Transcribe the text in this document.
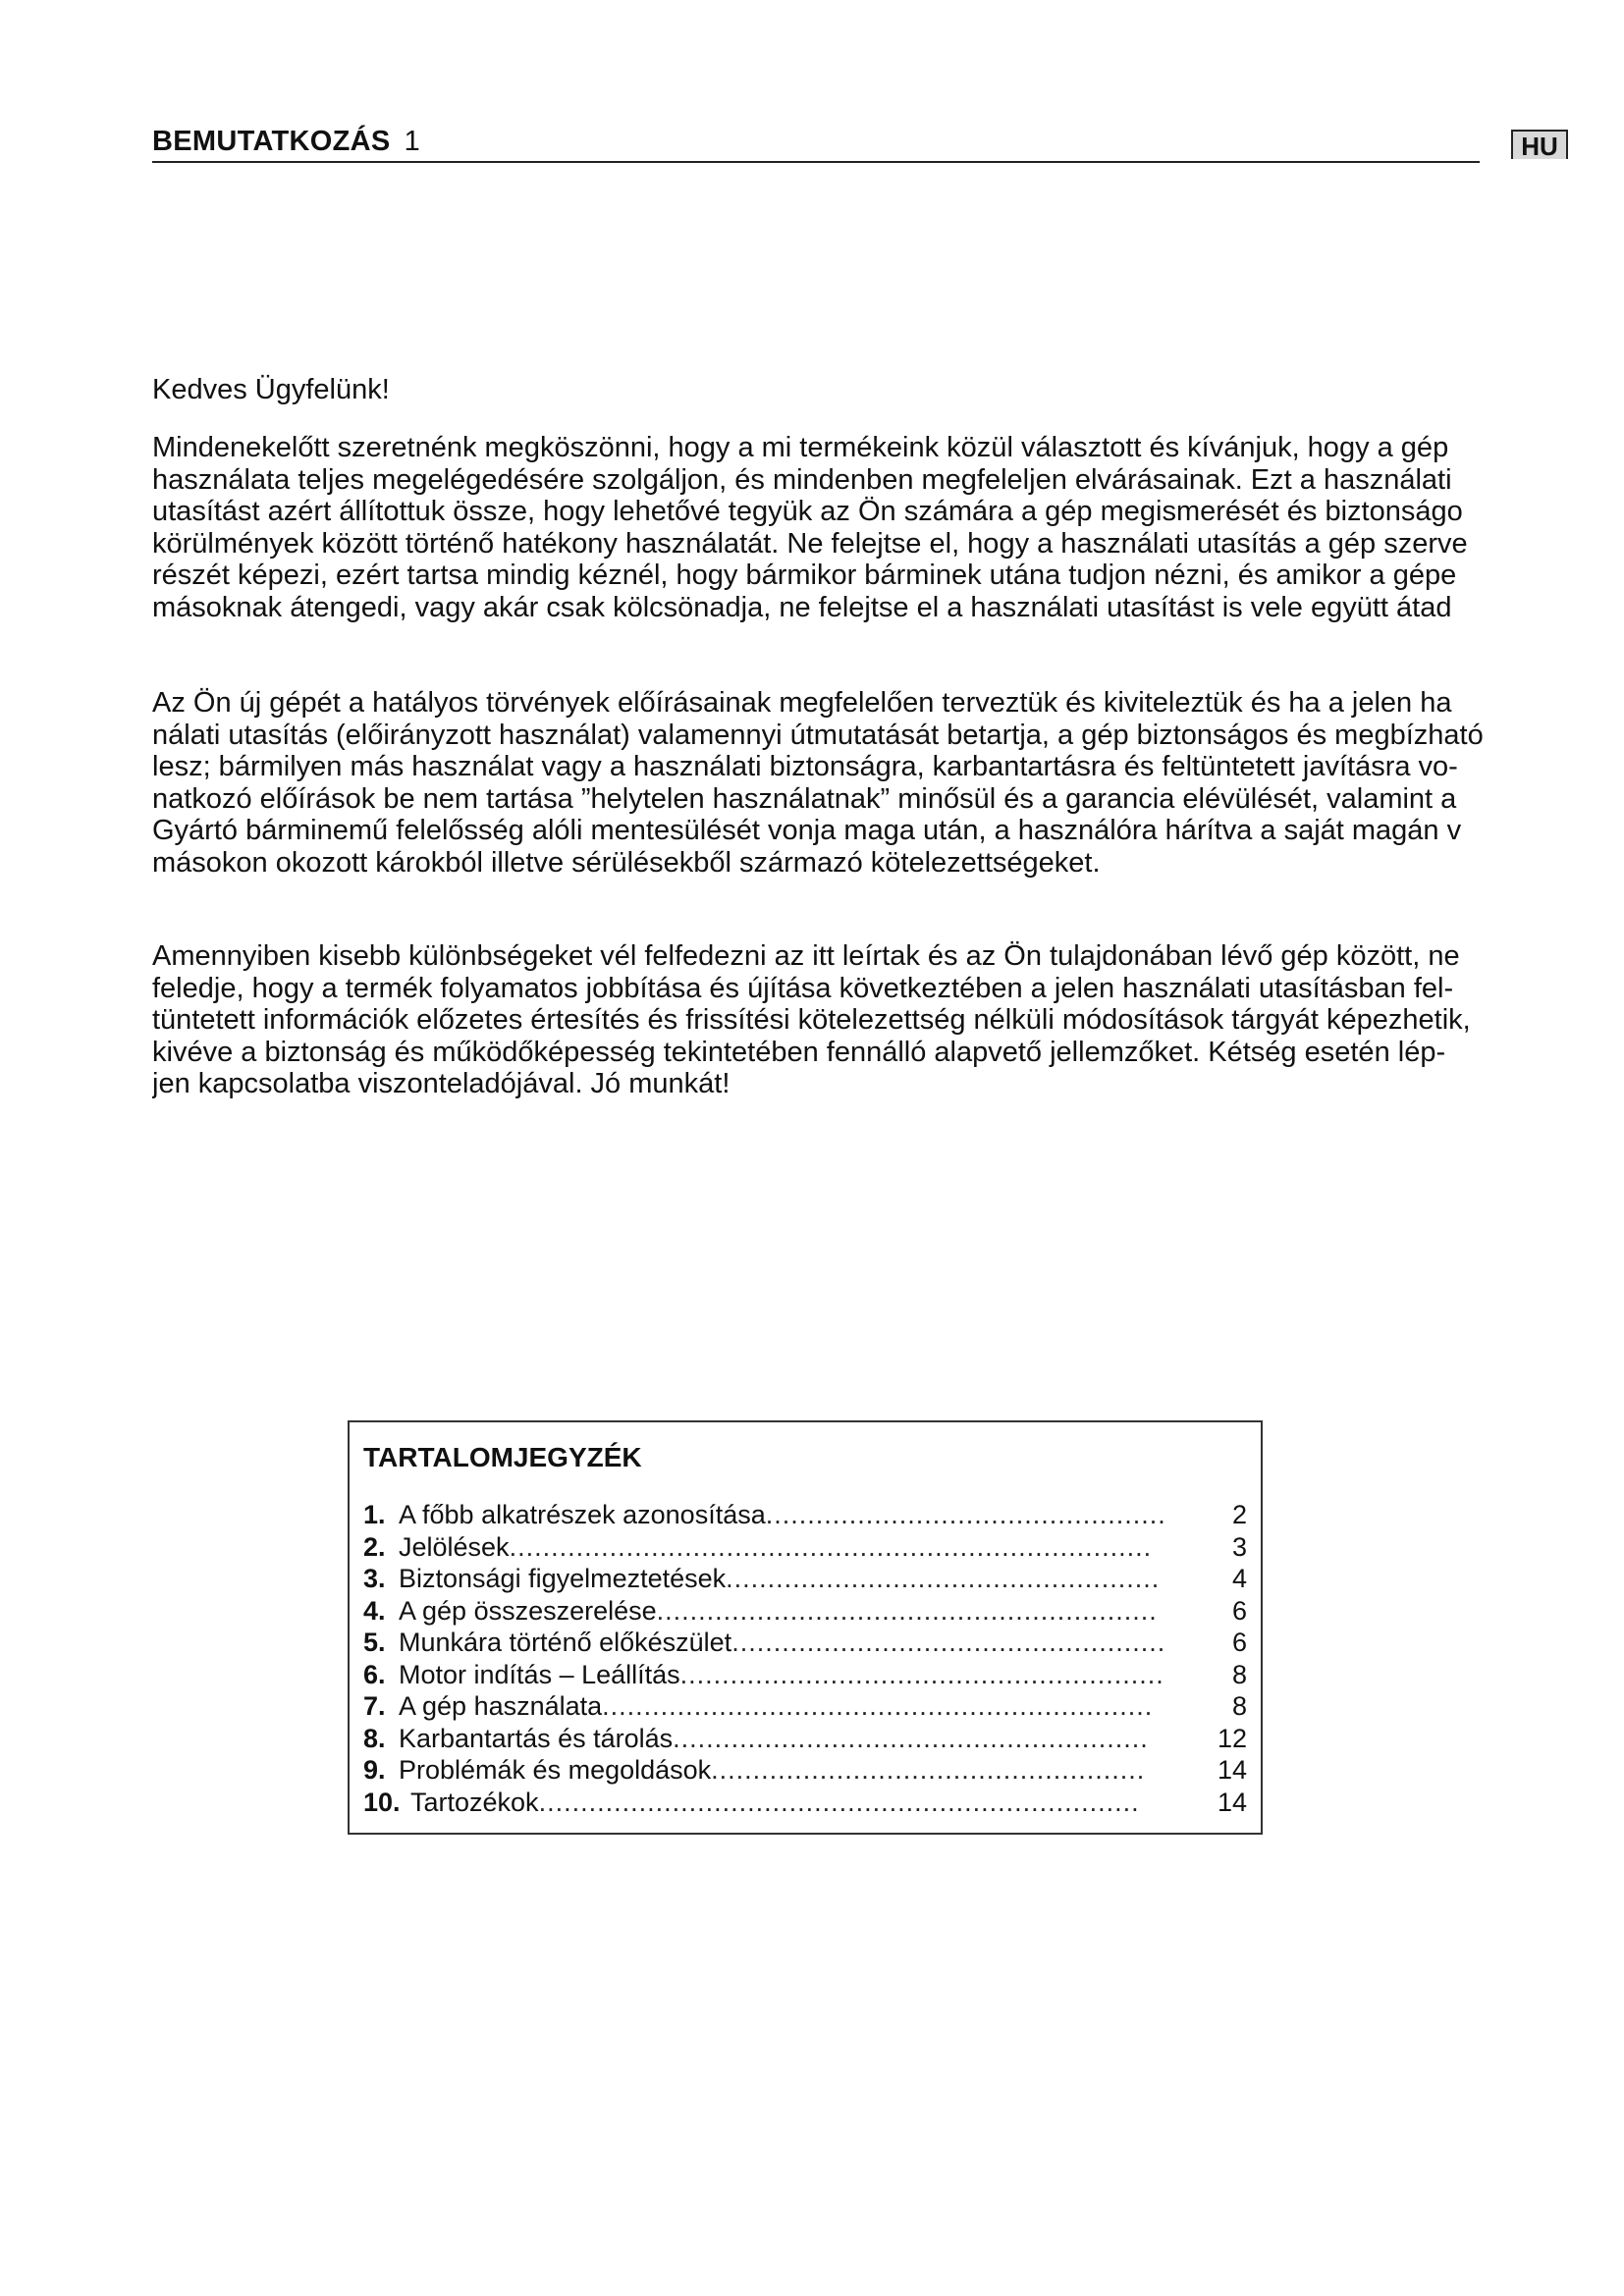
BEMUTATKOZÁS 1	HU
Kedves Ügyfelünk!
Mindenekelőtt szeretnénk megköszönni, hogy a mi termékeink közül választott és kívánjuk, hogy a gép
használata teljes megelégedésére szolgáljon, és mindenben megfeleljen elvárásainak. Ezt a használati
utasítást azért állítottuk össze, hogy lehetővé tegyük az Ön számára a gép megismerését és biztonságo
körülmények között történő hatékony használatát. Ne felejtse el, hogy a használati utasítás a gép szerve
részét képezi, ezért tartsa mindig kéznél, hogy bármikor bárminek utána tudjon nézni, és amikor a gépe
másoknak átengedi, vagy akár csak kölcsönadja, ne felejtse el a használati utasítást is vele együtt átad
Az Ön új gépét a hatályos törvények előírásainak megfelelően terveztük és kiviteleztük és ha a jelen ha
nálati utasítás (előirányzott használat) valamennyi útmutatását betartja, a gép biztonságos és megbízható
lesz; bármilyen más használat vagy a használati biztonságra, karbantartásra és feltüntetett javításra vo-
natkozó előírások be nem tartása ”helytelen használatnak” minősül és a garancia elévülését, valamint a
Gyártó bárminemű felelősség alóli mentesülését vonja maga után, a használóra hárítva a saját magán v
másokon okozott károkból illetve sérülésekből származó kötelezettségeket.
Amennyiben kisebb különbségeket vél felfedezni az itt leírtak és az Ön tulajdonában lévő gép között, ne
feledje, hogy a termék folyamatos jobbítása és újítása következtében a jelen használati utasításban fel-
tüntetett információk előzetes értesítés és frissítési kötelezettség nélküli módosítások tárgyát képezhetik,
kivéve a biztonság és működőképesség tekintetében fennálló alapvető jellemzőket. Kétség esetén lép-
jen kapcsolatba viszonteladójával. Jó munkát!
TARTALOMJEGYZÉK
1. A főbb alkatrészek azonosítása................................................ 2
2. Jelölések.............................................................................	3
3. Biztonsági figyelmeztetések....................................................	4
4. A gép összeszerelése............................................................	6
5. Munkára történő előkészület....................................................	6
6. Motor indítás – Leállítás..........................................................	8
7. A gép használata..................................................................	8
8. Karbantartás és tárolás.........................................................	12
9. Problémák és megoldások....................................................	14
10. Tartozékok........................................................................	14
